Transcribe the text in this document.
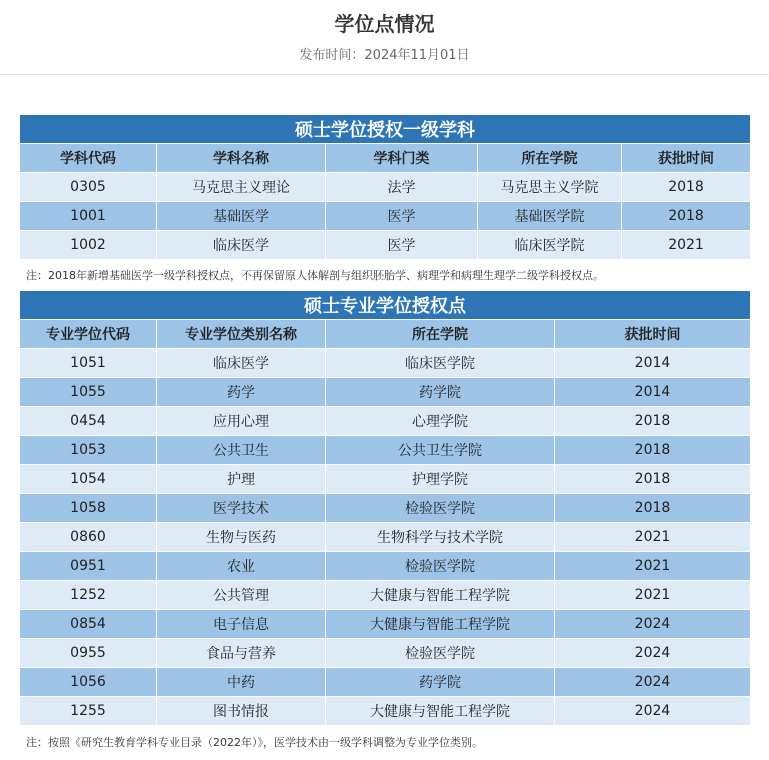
学位点情况
发布时间：2024年11月01日
硕士学位授权一级学科				
学科代码	学科名称	学科门类	所在学院	获批时间
0305	马克思主义理论	法学	马克思主义学院	2018
1001	基础医学	医学	基础医学院	2018
1002	临床医学	医学	临床医学院	2021
注：2018年新增基础医学一级学科授权点，不再保留原人体解剖与组织胚胎学、病理学和病理生理学二级学科授权点。
硕士专业学位授权点			
专业学位代码	专业学位类别名称	所在学院	获批时间
1051	临床医学	临床医学院	2014
1055	药学	药学院	2014
0454	应用心理	心理学院	2018
1053	公共卫生	公共卫生学院	2018
1054	护理	护理学院	2018
1058	医学技术	检验医学院	2018
0860	生物与医药	生物科学与技术学院	2021
0951	农业	检验医学院	2021
1252	公共管理	大健康与智能工程学院	2021
0854	电子信息	大健康与智能工程学院	2024
0955	食品与营养	检验医学院	2024
1056	中药	药学院	2024
1255	图书情报	大健康与智能工程学院	2024
注：按照《研究生教育学科专业目录（2022年）》，医学技术由一级学科调整为专业学位类别。
